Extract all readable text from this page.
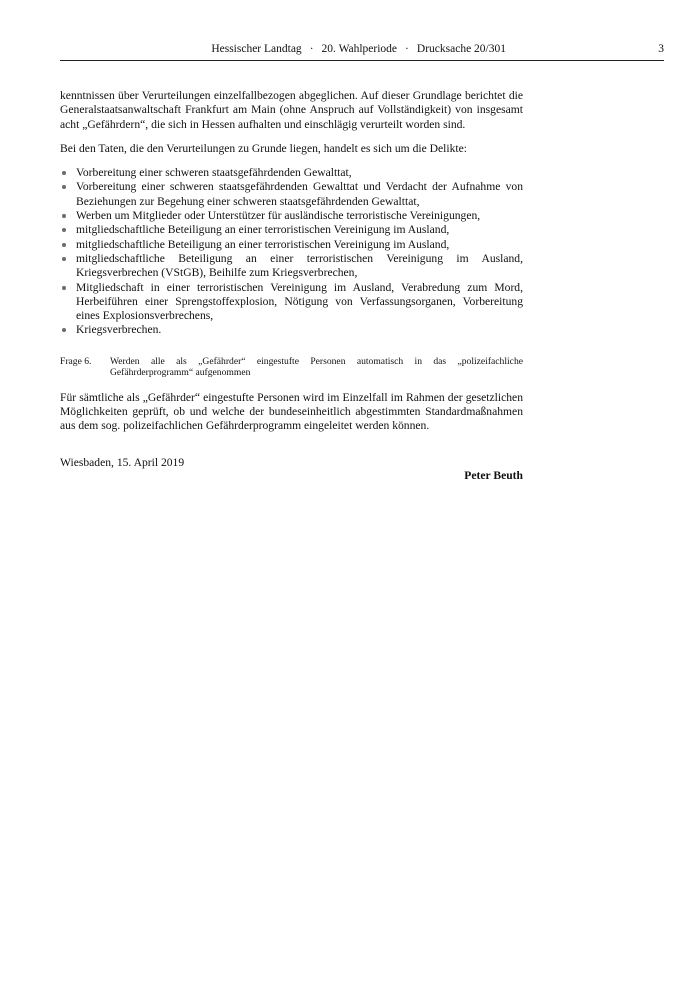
Hessischer Landtag · 20. Wahlperiode · Drucksache 20/301	3

kenntnissen über Verurteilungen einzelfallbezogen abgeglichen. Auf dieser Grundlage berichtet die Generalstaatsanwaltschaft Frankfurt am Main (ohne Anspruch auf Vollständigkeit) von insgesamt acht „Gefährdern“, die sich in Hessen aufhalten und einschlägig verurteilt worden sind.

Bei den Taten, die den Verurteilungen zu Grunde liegen, handelt es sich um die Delikte:

Vorbereitung einer schweren staatsgefährdenden Gewalttat,
Vorbereitung einer schweren staatsgefährdenden Gewalttat und Verdacht der Aufnahme von Beziehungen zur Begehung einer schweren staatsgefährdenden Gewalttat,
Werben um Mitglieder oder Unterstützer für ausländische terroristische Vereinigungen,
mitgliedschaftliche Beteiligung an einer terroristischen Vereinigung im Ausland,
mitgliedschaftliche Beteiligung an einer terroristischen Vereinigung im Ausland,
mitgliedschaftliche Beteiligung an einer terroristischen Vereinigung im Ausland, Kriegsverbrechen (VStGB), Beihilfe zum Kriegsverbrechen,
Mitgliedschaft in einer terroristischen Vereinigung im Ausland, Verabredung zum Mord, Herbeiführen einer Sprengstoffexplosion, Nötigung von Verfassungsorganen, Vorbereitung eines Explosionsverbrechens,
Kriegsverbrechen.
Frage 6.	Werden alle als „Gefährder“ eingestufte Personen automatisch in das „polizeifachliche Gefährderprogramm“ aufgenommen

Für sämtliche als „Gefährder“ eingestufte Personen wird im Einzelfall im Rahmen der gesetzlichen Möglichkeiten geprüft, ob und welche der bundeseinheitlich abgestimmten Standardmaßnahmen aus dem sog. polizeifachlichen Gefährderprogramm eingeleitet werden können.

Wiesbaden, 15. April 2019
Peter Beuth
